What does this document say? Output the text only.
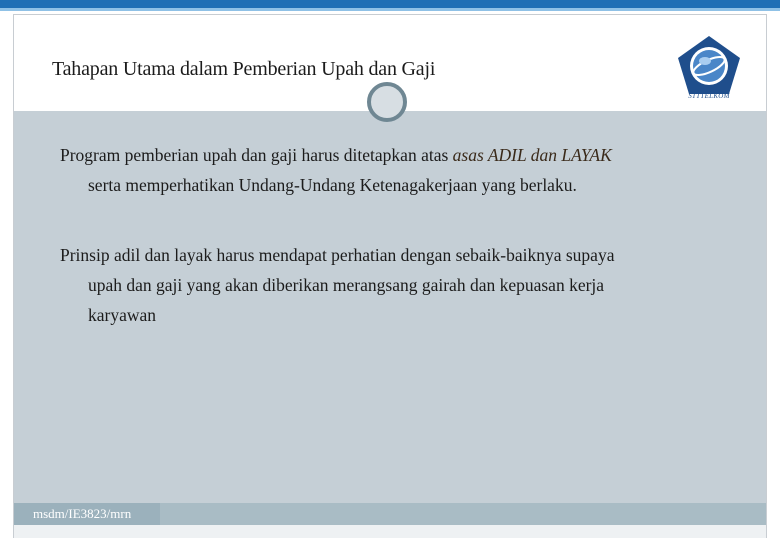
Tahapan Utama dalam Pemberian Upah dan Gaji
STTTELKOM

Program pemberian upah dan gaji harus ditetapkan atas asas ADIL dan LAYAK
serta memperhatikan Undang-Undang Ketenagakerjaan yang berlaku.

Prinsip adil dan layak harus mendapat perhatian dengan sebaik-baiknya supaya
upah dan gaji yang akan diberikan merangsang gairah dan kepuasan kerja
karyawan

msdm/IE3823/mrn
